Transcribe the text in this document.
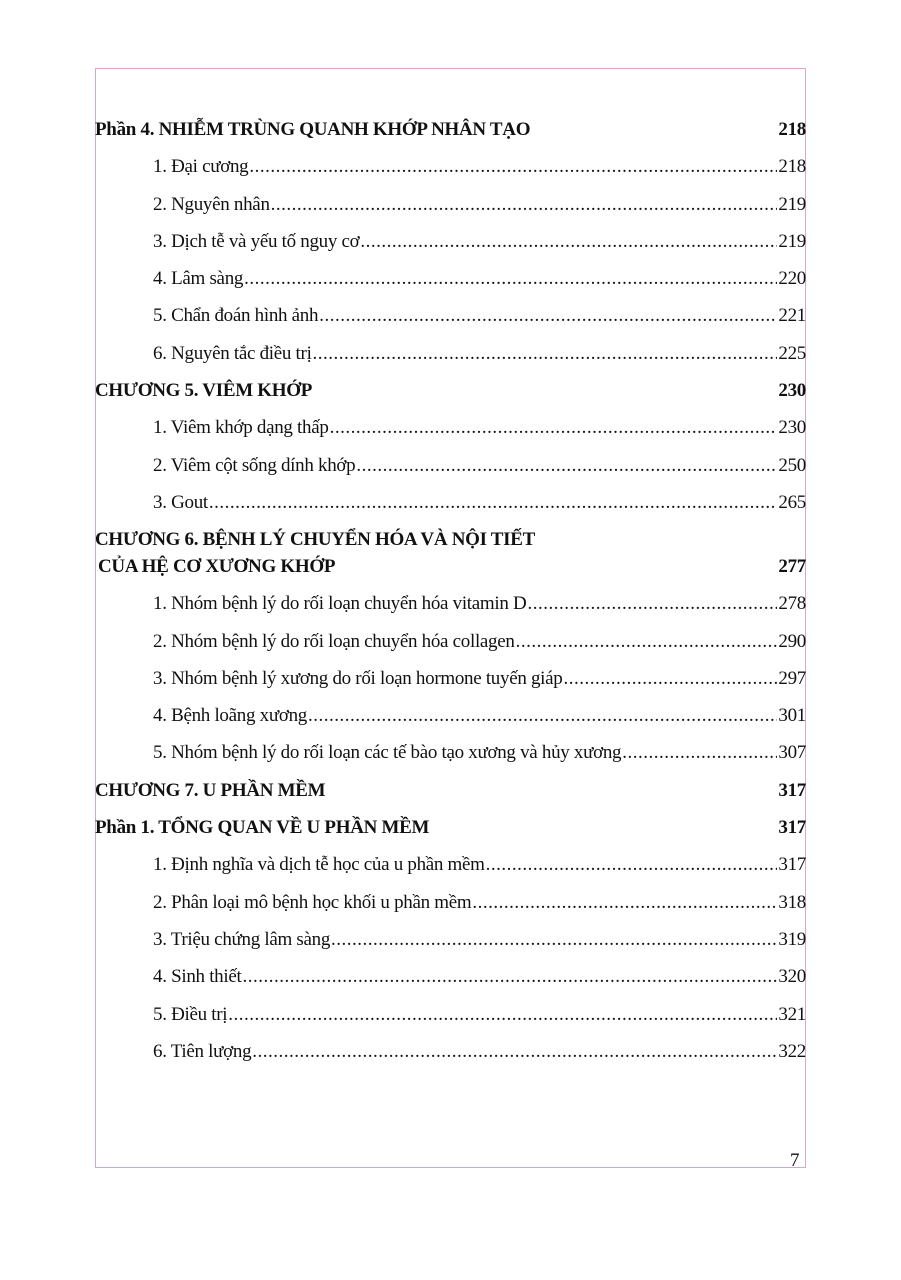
Phần 4. NHIỄM TRÙNG QUANH KHỚP NHÂN TẠO	218
1. Đại cương .....	218
2. Nguyên nhân .....	219
3. Dịch tễ và yếu tố nguy cơ .....	219
4. Lâm sàng .....	220
5. Chẩn đoán hình ảnh .....	221
6. Nguyên tắc điều trị .....	225
CHƯƠNG 5. VIÊM KHỚP	230
1. Viêm khớp dạng thấp .....	230
2. Viêm cột sống dính khớp .....	250
3. Gout .....	265
CHƯƠNG 6. BỆNH LÝ CHUYỂN HÓA VÀ NỘI TIẾT
CỦA HỆ CƠ XƯƠNG KHỚP	277
1. Nhóm bệnh lý do rối loạn chuyển hóa vitamin D .....	278
2. Nhóm bệnh lý do rối loạn chuyển hóa collagen .....	290
3. Nhóm bệnh lý xương do rối loạn hormone tuyến giáp .....	297
4. Bệnh loãng xương .....	301
5. Nhóm bệnh lý do rối loạn các tế bào tạo xương và hủy xương .....	307
CHƯƠNG 7. U PHẦN MỀM	317
Phần 1. TỔNG QUAN VỀ U PHẦN MỀM	317
1. Định nghĩa và dịch tễ học của u phần mềm .....	317
2. Phân loại mô bệnh học khối u phần mềm .....	318
3. Triệu chứng lâm sàng .....	319
4. Sinh thiết .....	320
5. Điều trị .....	321
6. Tiên lượng .....	322
7
